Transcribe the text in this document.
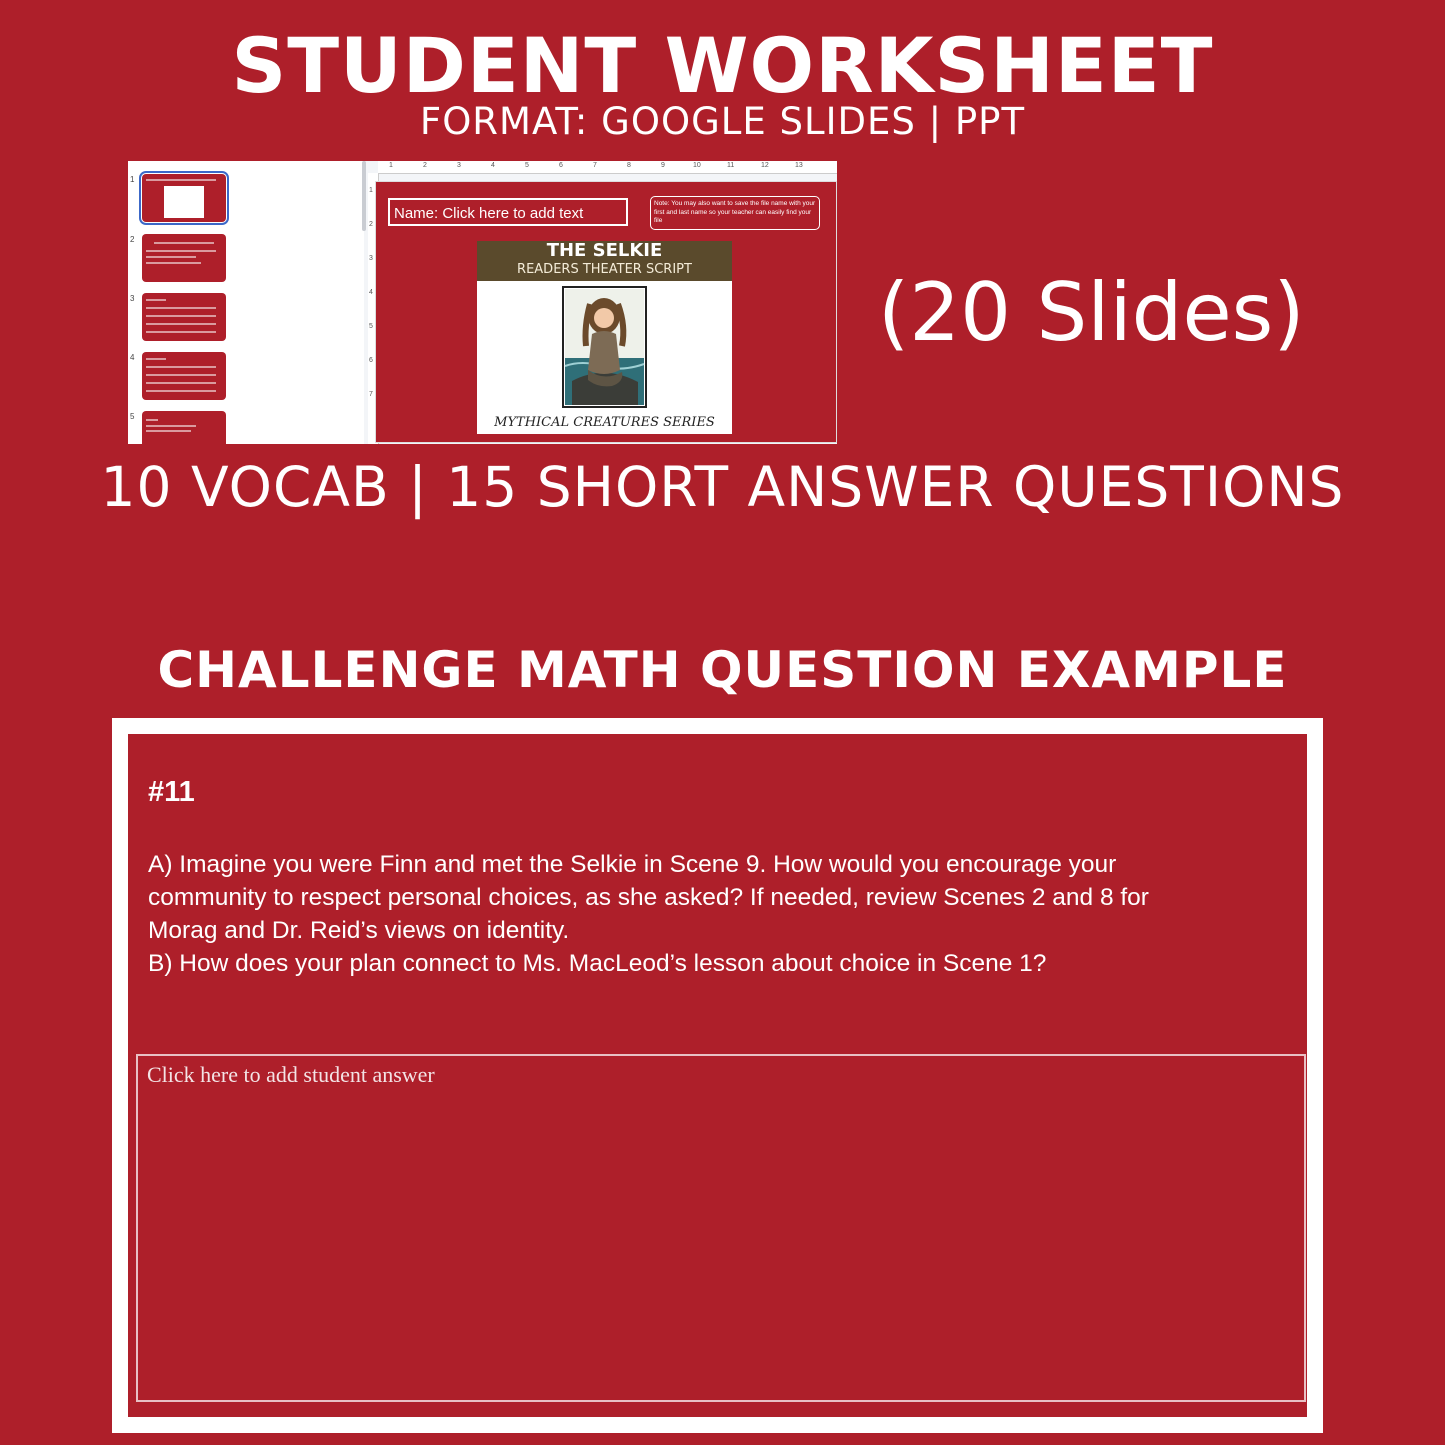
STUDENT WORKSHEET
FORMAT: GOOGLE SLIDES | PPT
1
2
3
4
5
1	2	3	4	5	6	7	8	9	10	11	12	13
1
2
3
4
5
6
7
Name: Click here to add text
Note: You may also want to save the file name with your first and last name so your teacher can easily find your file
THE SELKIE
READERS THEATER SCRIPT
MYTHICAL CREATURES SERIES
(20 Slides)
10 VOCAB | 15 SHORT ANSWER QUESTIONS
CHALLENGE MATH QUESTION EXAMPLE
#11
A) Imagine you were Finn and met the Selkie in Scene 9. How would you encourage your
community to respect personal choices, as she asked? If needed, review Scenes 2 and 8 for
Morag and Dr. Reid’s views on identity.
B) How does your plan connect to Ms. MacLeod’s lesson about choice in Scene 1?
Click here to add student answer
